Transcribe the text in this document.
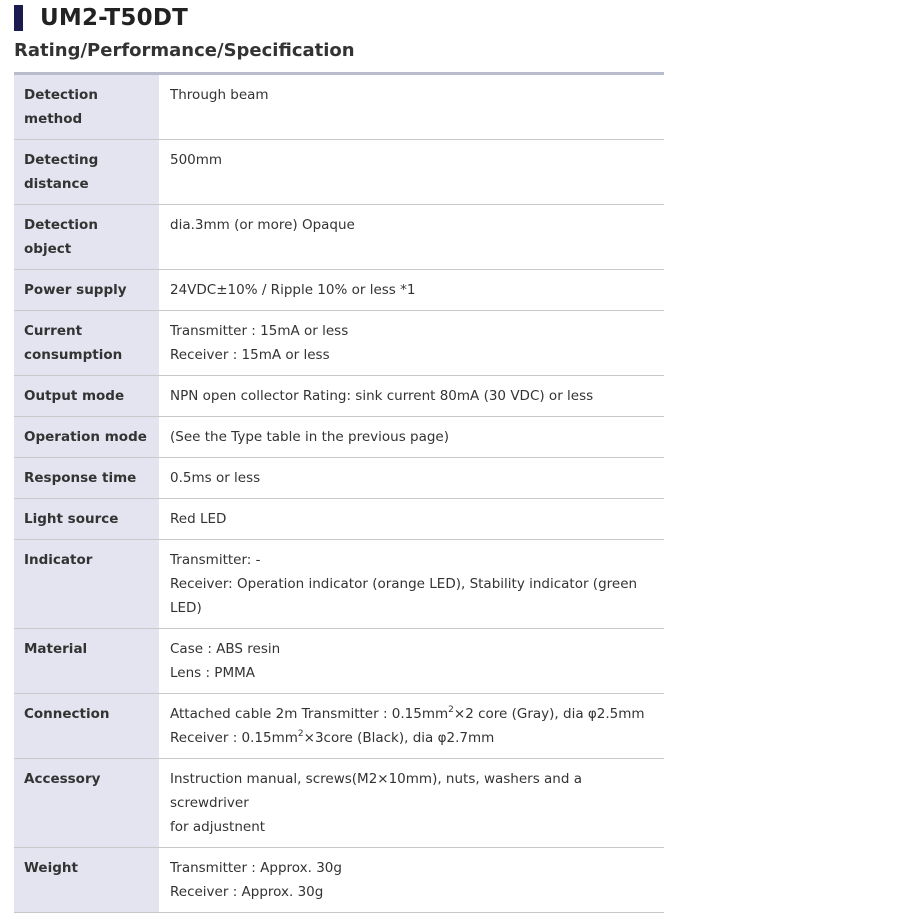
UM2-T50DT
Rating/Performance/Specification
Detection method	Through beam

Detecting
distance	500mm
Detection object	dia.3mm (or more) Opaque
Power supply	24VDC±10% / Ripple 10% or less *1

Current
consumption	Transmitter : 15mA or less
Receiver : 15mA or less

Output mode	NPN open collector Rating: sink current 80mA (30 VDC) or less
Operation mode	(See the Type table in the previous page)
Response time	0.5ms or less
Light source	Red LED
Indicator	Transmitter: -
Receiver: Operation indicator (orange LED), Stability indicator (green LED)

Material	Case : ABS resin
Lens : PMMA

Connection	Attached cable 2m Transmitter : $0.15mm^2\times 2$ core (Gray), dia φ2.5mm
Receiver : $0.15mm^2\times 3core$ (Black), dia φ2.7mm

Accessory	Instruction manual, screws(M2×10mm), nuts, washers and a screwdriver
for adjustnent

Weight	Transmitter : Approx. 30g
Receiver : Approx. 30g
